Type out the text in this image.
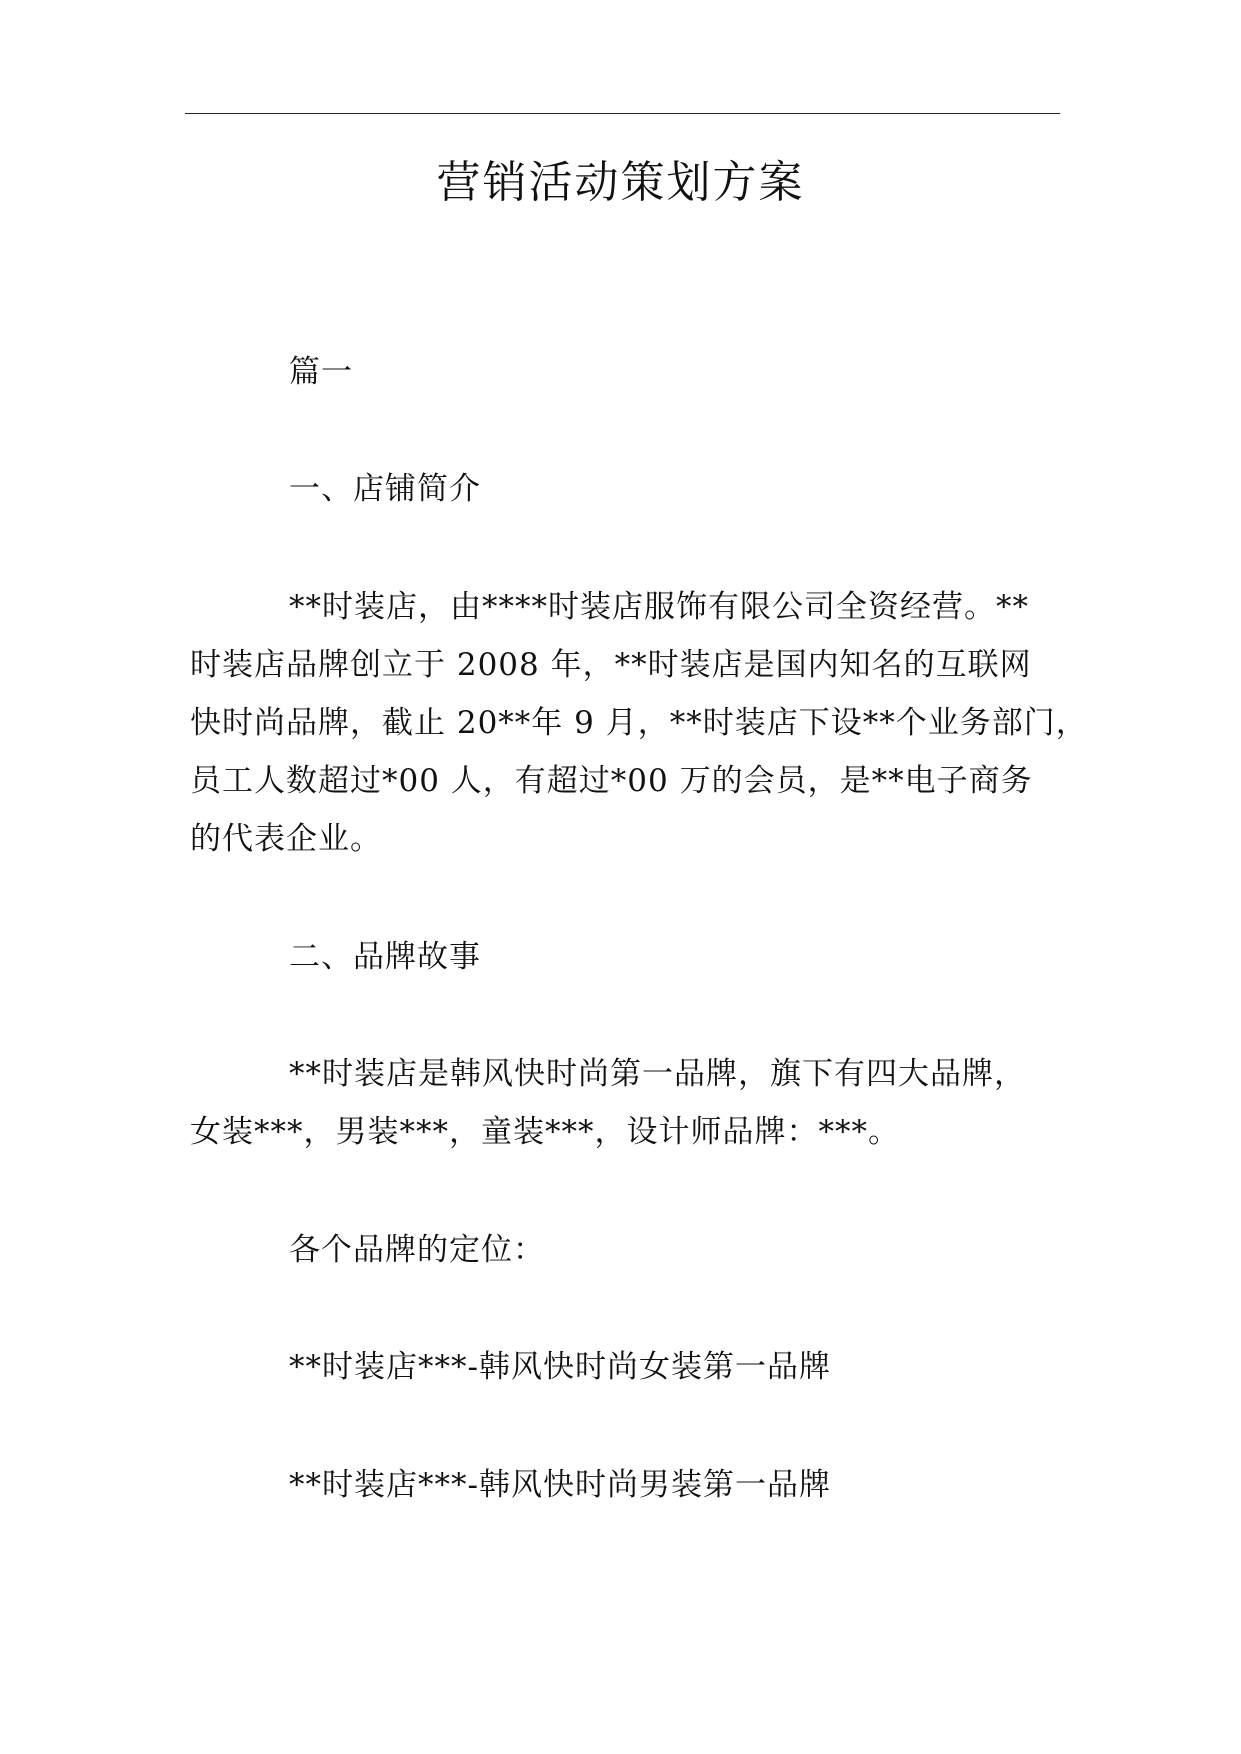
营销活动策划方案
篇一
一、店铺简介
**时装店，由****时装店服饰有限公司全资经营。**
时装店品牌创立于 2008 年，**时装店是国内知名的互联网
快时尚品牌，截止 20**年 9 月，**时装店下设**个业务部门，
员工人数超过*00 人，有超过*00 万的会员，是**电子商务
的代表企业。
二、品牌故事
**时装店是韩风快时尚第一品牌，旗下有四大品牌，
女装***，男装***，童装***，设计师品牌：***。
各个品牌的定位：
**时装店***-韩风快时尚女装第一品牌
**时装店***-韩风快时尚男装第一品牌
